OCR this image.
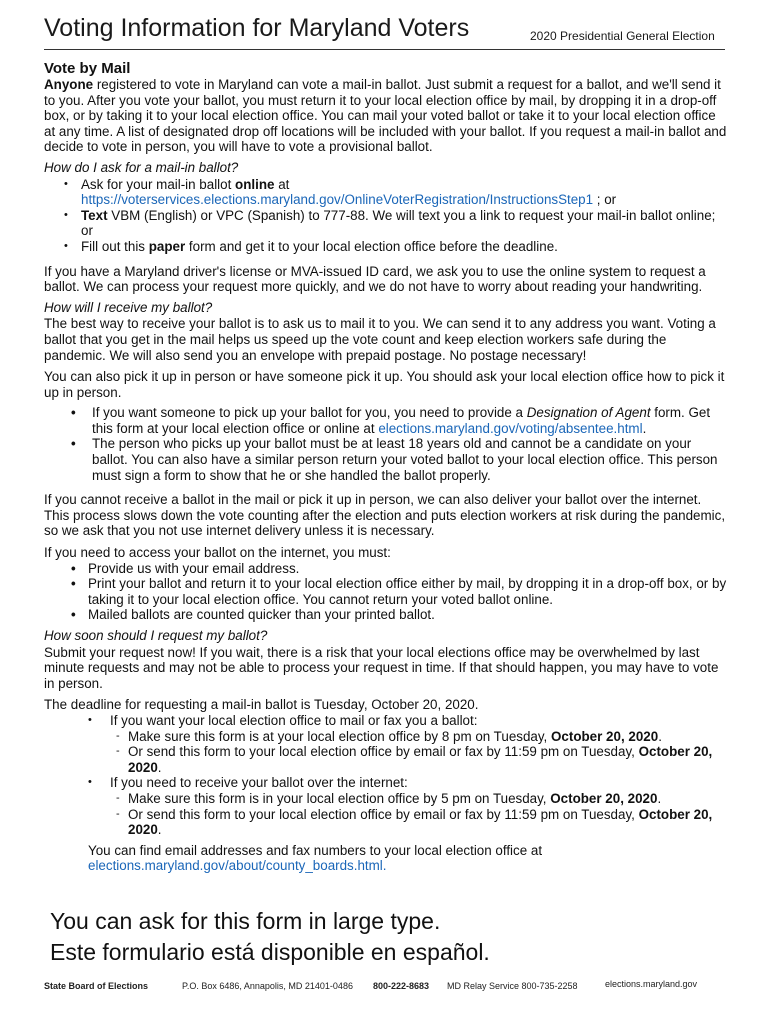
Voting Information for Maryland Voters	2020 Presidential General Election
Vote by Mail

Anyone registered to vote in Maryland can vote a mail-in ballot. Just submit a request for a ballot, and we'll send it to you. After you vote your ballot, you must return it to your local election office by mail, by dropping it in a drop-off box, or by taking it to your local election office. You can mail your voted ballot or take it to your local election office at any time. A list of designated drop off locations will be included with your ballot. If you request a mail-in ballot and decide to vote in person, you will have to vote a provisional ballot.

How do I ask for a mail-in ballot?
• Ask for your mail-in ballot online at
https://voterservices.elections.maryland.gov/OnlineVoterRegistration/InstructionsStep1 ; or
• Text VBM (English) or VPC (Spanish) to 777-88. We will text you a link to request your mail-in ballot online; or
• Fill out this paper form and get it to your local election office before the deadline.

If you have a Maryland driver's license or MVA-issued ID card, we ask you to use the online system to request a ballot. We can process your request more quickly, and we do not have to worry about reading your handwriting.

How will I receive my ballot?

The best way to receive your ballot is to ask us to mail it to you. We can send it to any address you want. Voting a ballot that you get in the mail helps us speed up the vote count and keep election workers safe during the pandemic. We will also send you an envelope with prepaid postage. No postage necessary!

You can also pick it up in person or have someone pick it up. You should ask your local election office how to pick it up in person.

• If you want someone to pick up your ballot for you, you need to provide a Designation of Agent form. Get this form at your local election office or online at elections.maryland.gov/voting/absentee.html.
• The person who picks up your ballot must be at least 18 years old and cannot be a candidate on your ballot. You can also have a similar person return your voted ballot to your local election office. This person must sign a form to show that he or she handled the ballot properly.

If you cannot receive a ballot in the mail or pick it up in person, we can also deliver your ballot over the internet. This process slows down the vote counting after the election and puts election workers at risk during the pandemic, so we ask that you not use internet delivery unless it is necessary.

If you need to access your ballot on the internet, you must:

• Provide us with your email address.
• Print your ballot and return it to your local election office either by mail, by dropping it in a drop-off box, or by taking it to your local election office. You cannot return your voted ballot online.
• Mailed ballots are counted quicker than your printed ballot.
How soon should I request my ballot?

Submit your request now! If you wait, there is a risk that your local elections office may be overwhelmed by last minute requests and may not be able to process your request in time. If that should happen, you may have to vote in person.

The deadline for requesting a mail-in ballot is Tuesday, October 20, 2020.

• If you want your local election office to mail or fax you a ballot:
- Make sure this form is at your local election office by 8 pm on Tuesday, October 20, 2020.
- Or send this form to your local election office by email or fax by 11:59 pm on Tuesday, October 20, 2020.
• If you need to receive your ballot over the internet:
- Make sure this form is in your local election office by 5 pm on Tuesday, October 20, 2020.
- Or send this form to your local election office by email or fax by 11:59 pm on Tuesday, October 20, 2020.
You can find email addresses and fax numbers to your local election office at
elections.maryland.gov/about/county_boards.html.
You can ask for this form in large type.
Este formulario está disponible en español.
State Board of Elections	P.O. Box 6486, Annapolis, MD 21401-0486 800-222-8683 MD Relay Service 800-735-2258	elections.maryland.gov
